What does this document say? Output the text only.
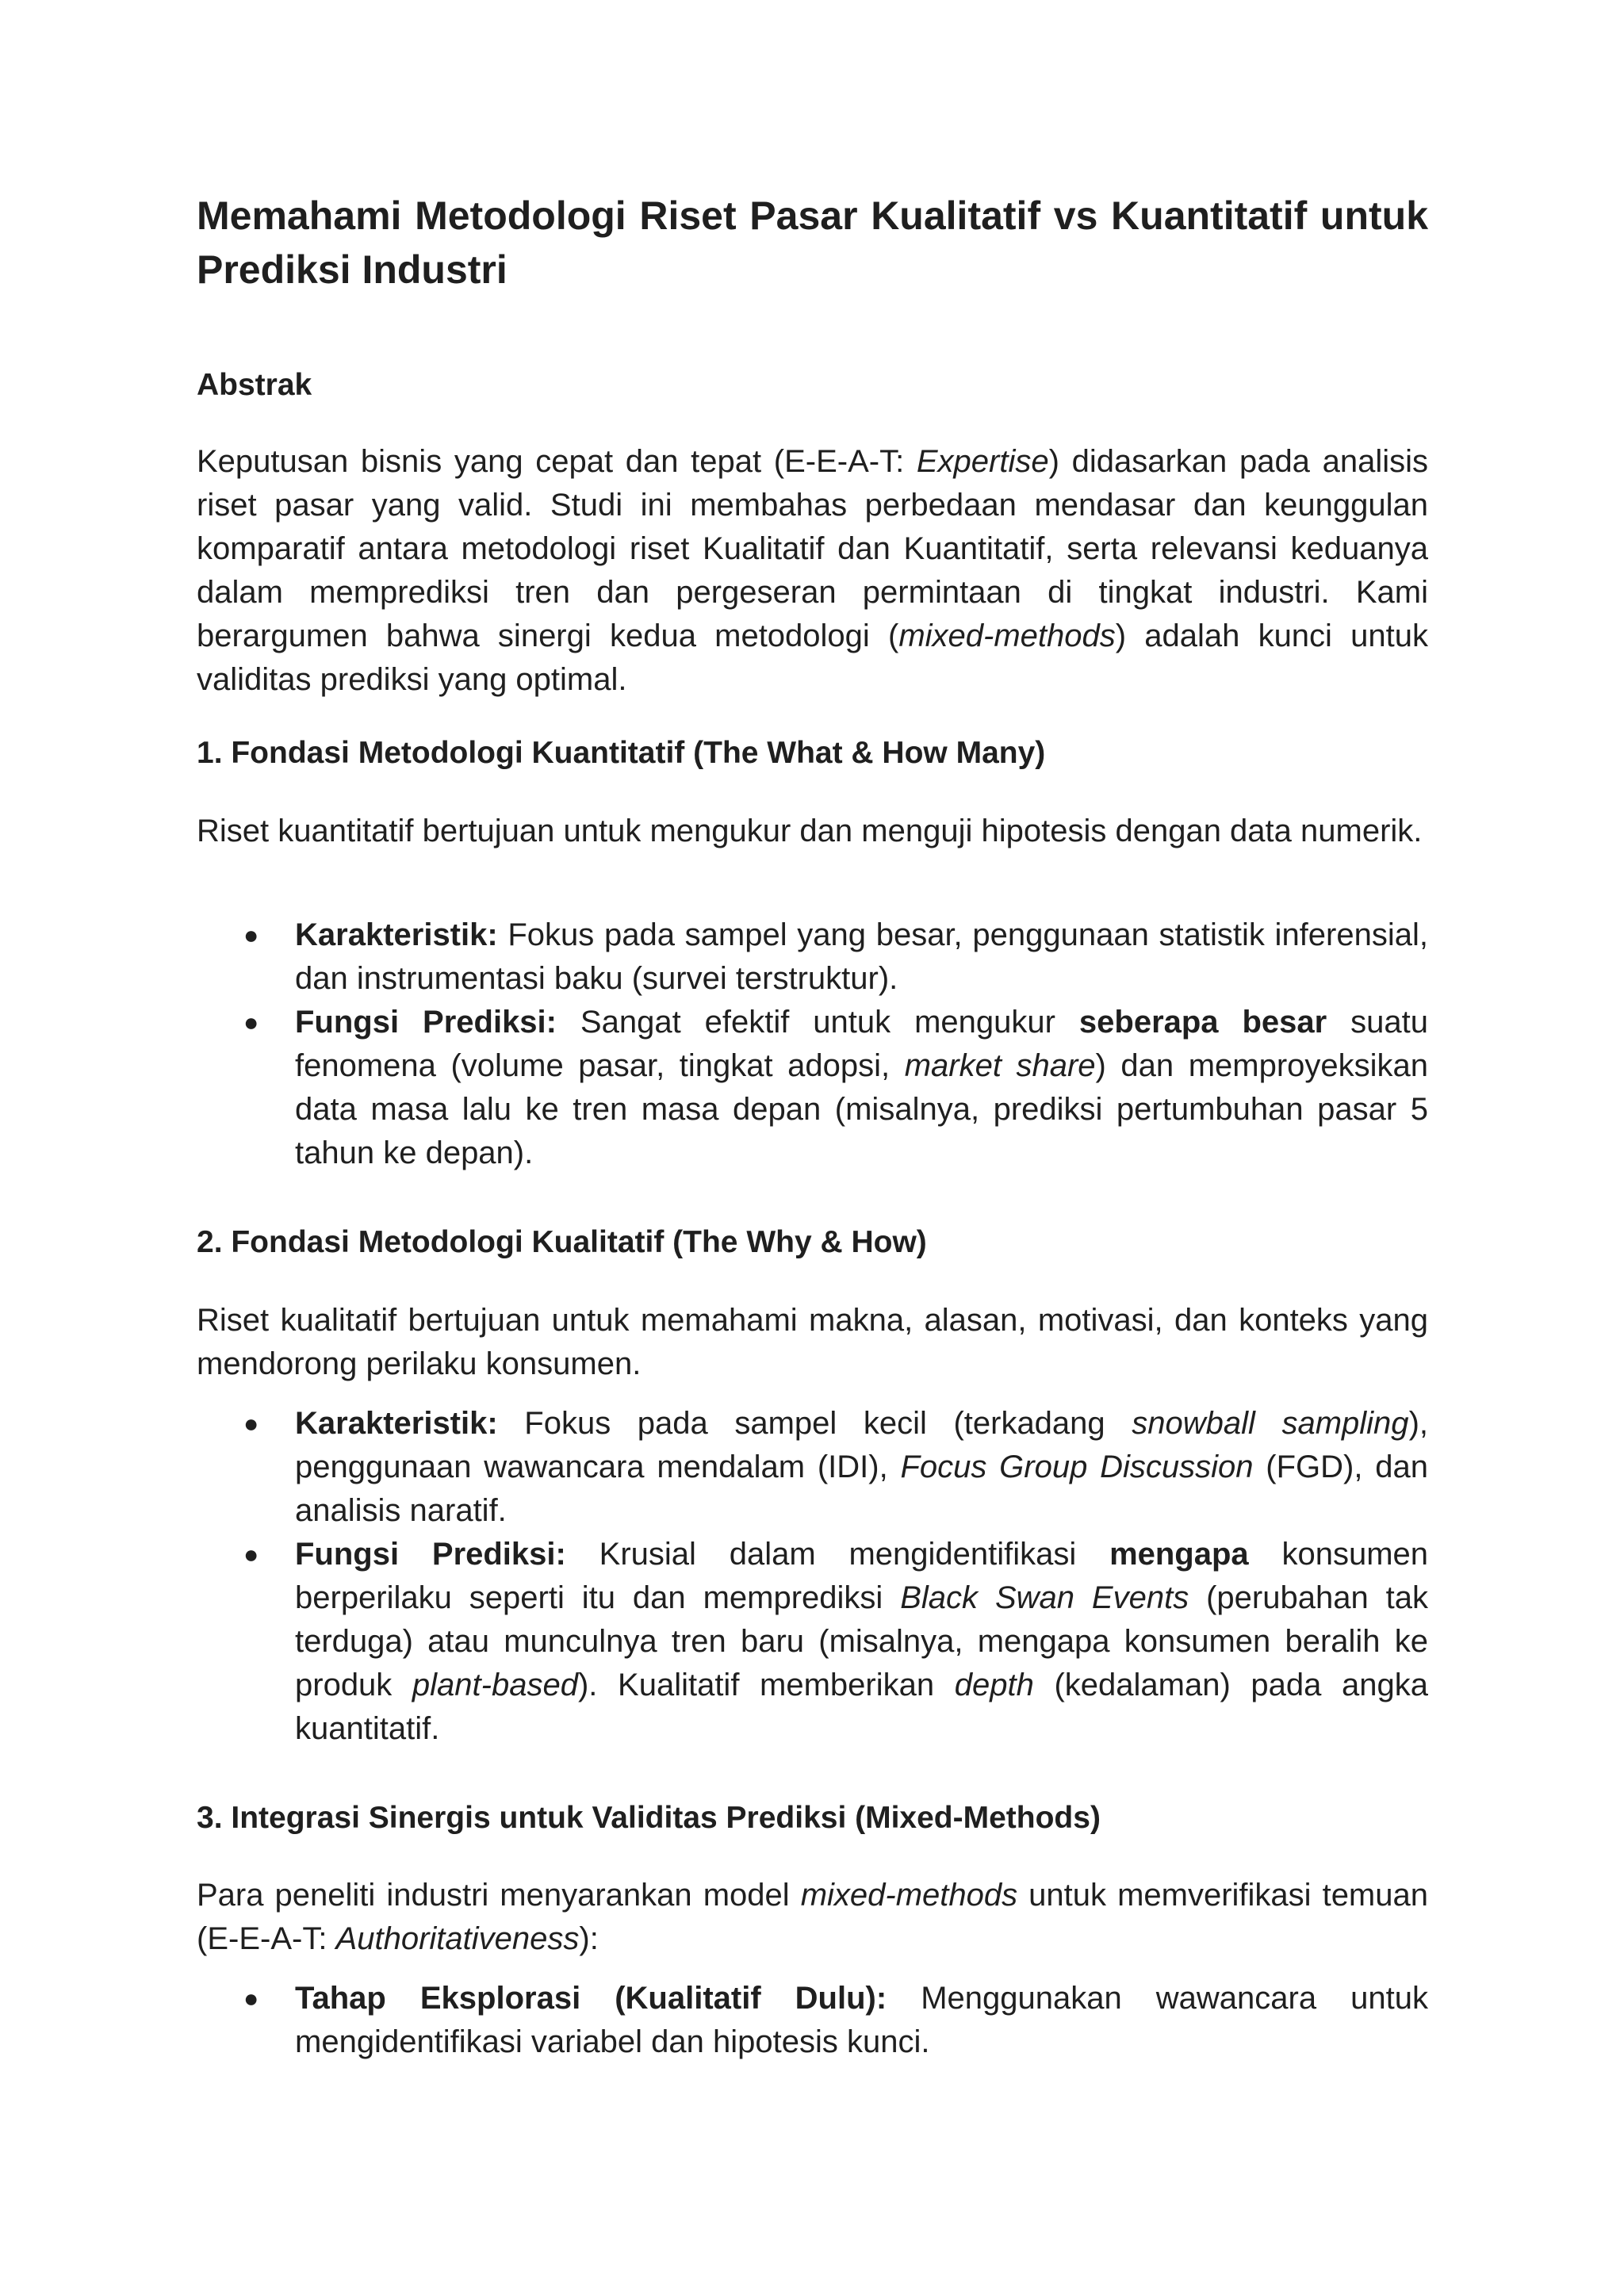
Memahami Metodologi Riset Pasar Kualitatif vs Kuantitatif untuk Prediksi Industri
Abstrak

Keputusan bisnis yang cepat dan tepat (E-E-A-T: Expertise) didasarkan pada analisis riset pasar yang valid. Studi ini membahas perbedaan mendasar dan keunggulan komparatif antara metodologi riset Kualitatif dan Kuantitatif, serta relevansi keduanya dalam memprediksi tren dan pergeseran permintaan di tingkat industri. Kami berargumen bahwa sinergi kedua metodologi (mixed-methods) adalah kunci untuk validitas prediksi yang optimal.

1. Fondasi Metodologi Kuantitatif (The What & How Many)

Riset kuantitatif bertujuan untuk mengukur dan menguji hipotesis dengan data numerik.

● Karakteristik: Fokus pada sampel yang besar, penggunaan statistik inferensial, dan instrumentasi baku (survei terstruktur).

● Fungsi Prediksi: Sangat efektif untuk mengukur seberapa besar suatu fenomena (volume pasar, tingkat adopsi, market share) dan memproyeksikan data masa lalu ke tren masa depan (misalnya, prediksi pertumbuhan pasar 5 tahun ke depan).

2. Fondasi Metodologi Kualitatif (The Why & How)

Riset kualitatif bertujuan untuk memahami makna, alasan, motivasi, dan konteks yang mendorong perilaku konsumen.

● Karakteristik: Fokus pada sampel kecil (terkadang snowball sampling), penggunaan wawancara mendalam (IDI), Focus Group Discussion (FGD), dan analisis naratif.

● Fungsi Prediksi: Krusial dalam mengidentifikasi mengapa konsumen berperilaku seperti itu dan memprediksi Black Swan Events (perubahan tak terduga) atau munculnya tren baru (misalnya, mengapa konsumen beralih ke produk plant-based). Kualitatif memberikan depth (kedalaman) pada angka kuantitatif.

3. Integrasi Sinergis untuk Validitas Prediksi (Mixed-Methods)

Para peneliti industri menyarankan model mixed-methods untuk memverifikasi temuan (E-E-A-T: Authoritativeness):

● Tahap Eksplorasi (Kualitatif Dulu): Menggunakan wawancara untuk mengidentifikasi variabel dan hipotesis kunci.
